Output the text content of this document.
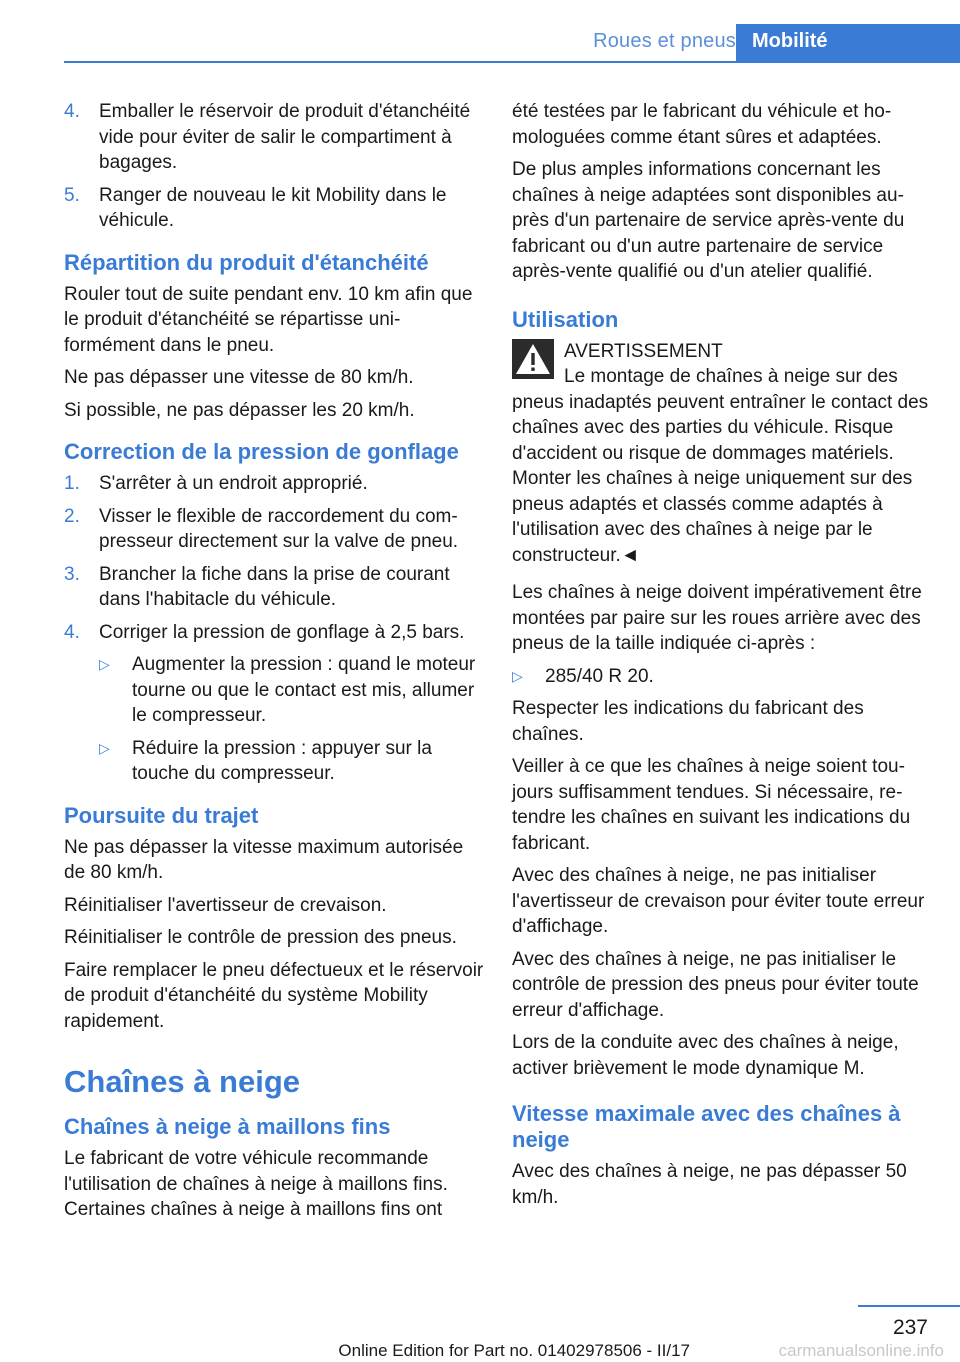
Roues et pneus Mobilité
4. Emballer le réservoir de produit d'étanchéité vide pour éviter de salir le compartiment à bagages.
5. Ranger de nouveau le kit Mobility dans le véhicule.
Répartition du produit d'étanchéité
Rouler tout de suite pendant env. 10 km afin que le produit d'étanchéité se répartisse uniformément dans le pneu.
Ne pas dépasser une vitesse de 80 km/h.
Si possible, ne pas dépasser les 20 km/h.
Correction de la pression de gonflage
1. S'arrêter à un endroit approprié.
2. Visser le flexible de raccordement du compresseur directement sur la valve de pneu.
3. Brancher la fiche dans la prise de courant dans l'habitacle du véhicule.
4. Corriger la pression de gonflage à 2,5 bars.
▷ Augmenter la pression : quand le moteur tourne ou que le contact est mis, allumer le compresseur.
▷ Réduire la pression : appuyer sur la touche du compresseur.
Poursuite du trajet
Ne pas dépasser la vitesse maximum autorisée de 80 km/h.
Réinitialiser l'avertisseur de crevaison.
Réinitialiser le contrôle de pression des pneus.
Faire remplacer le pneu défectueux et le réservoir de produit d'étanchéité du système Mobility rapidement.
Chaînes à neige
Chaînes à neige à maillons fins
Le fabricant de votre véhicule recommande l'utilisation de chaînes à neige à maillons fins. Certaines chaînes à neige à maillons fins ont
été testées par le fabricant du véhicule et homologuées comme étant sûres et adaptées.
De plus amples informations concernant les chaînes à neige adaptées sont disponibles auprès d'un partenaire de service après-vente du fabricant ou d'un autre partenaire de service après-vente qualifié ou d'un atelier qualifié.
Utilisation
AVERTISSEMENT
Le montage de chaînes à neige sur des pneus inadaptés peuvent entraîner le contact des chaînes avec des parties du véhicule. Risque d'accident ou risque de dommages matériels. Monter les chaînes à neige uniquement sur des pneus adaptés et classés comme adaptés à l'utilisation avec des chaînes à neige par le constructeur.◄
Les chaînes à neige doivent impérativement être montées par paire sur les roues arrière avec des pneus de la taille indiquée ci-après :
▷ 285/40 R 20.
Respecter les indications du fabricant des chaînes.
Veiller à ce que les chaînes à neige soient toujours suffisamment tendues. Si nécessaire, retendre les chaînes en suivant les indications du fabricant.
Avec des chaînes à neige, ne pas initialiser l'avertisseur de crevaison pour éviter toute erreur d'affichage.
Avec des chaînes à neige, ne pas initialiser le contrôle de pression des pneus pour éviter toute erreur d'affichage.
Lors de la conduite avec des chaînes à neige, activer brièvement le mode dynamique M.
Vitesse maximale avec des chaînes à neige
Avec des chaînes à neige, ne pas dépasser 50 km/h.
237
Online Edition for Part no. 01402978506 - II/17	carmanualsonline.info
